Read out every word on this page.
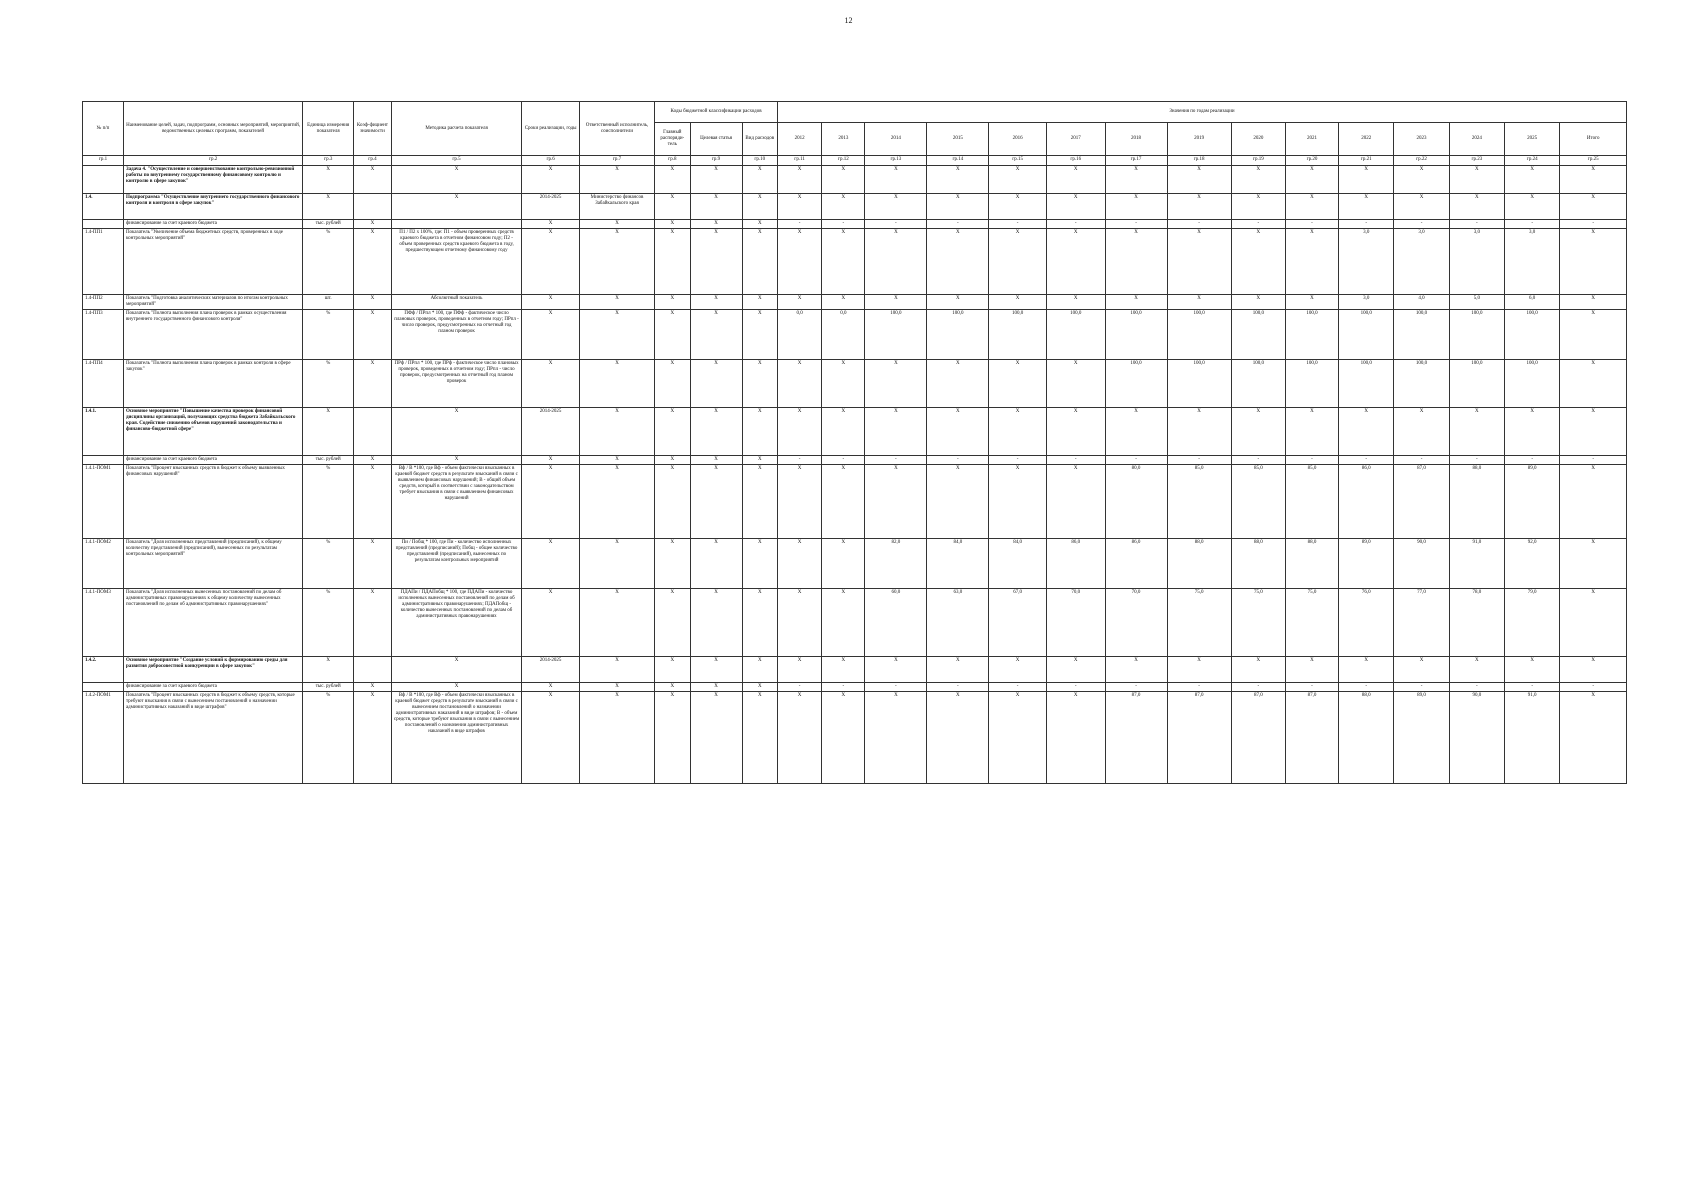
12
№ п/п	Наименование целей, задач, подпрограмм, основных мероприятий, мероприятий, ведомственных целевых программ, показателей	Единица измерения показателя	Коэф-фициент значимости	Методика расчета показателя	Сроки реализации, годы	Ответственный исполнитель, соисполнители	Коды бюджетной классификации расходов			Значения по годам реализации														
							Главный распоряди-тель	Целевая статья	Вид расходов	2012	2013	2014	2015	2016	2017	2018	2019	2020	2021	2022	2023	2024	2025	Итого
гр.1	гр.2	гр.3	гр.4	гр.5	гр.6	гр.7	гр.8	гр.9	гр.10	гр.11	гр.12	гр.13	гр.14	гр.15	гр.16	гр.17	гр.18	гр.19	гр.20	гр.21	гр.22	гр.23	гр.24	гр.25
	Задача 4. "Осуществление и совершенствование контрольно-ревизионной работы по внутреннему государственному финансовому контролю и контролю в сфере закупок"	X	X	X	X	X	X	X	X	X	X	X	X	X	X	X	X	X	X	X	X	X	X	X
1.4.	Подпрограмма "Осуществление внутреннего государственного финансового контроля и контроля в сфере закупок"	X		X	2014-2025	Министерство финансов Забайкальского края	X	X	X	X	X	X	X	X	X	X	X	X	X	X	X	X	X	X
	финансирование за счет краевого бюджета	тыс. рублей	X		X	X	X	X	X	-	-	-	-	-	-	-	-	-	-	-	-	-	-	-
1.4-ПП1	Показатель "Увеличение объема бюджетных средств, проверенных в ходе контрольных мероприятий"	%	X	П1 / П2 х 100%, где: П1 - объем проверенных средств краевого бюджета в отчетном финансовом году; П2 - объем проверенных средств краевого бюджета в году, предшествующем отчетному финансовому году	X	X	X	X	X	X	X	X	X	X	X	X	X	X	X	3,0	3,0	3,0	3,0	X
1.4-ПП2	Показатель "Подготовка аналитических материалов по итогам контрольных мероприятий"	шт.	X	Абсолютный показатель	X	X	X	X	X	X	X	X	X	X	X	X	X	X	X	3,0	4,0	5,0	6,0	X
1.4-ПП3	Показатель "Полнота выполнения плана проверок в рамках осуществления внутреннего государственного финансового контроля"	%	X	ПФф / ПРпл * 100, где ПФф - фактическое число плановых проверок, проведенных в отчетном году; ПРпл - число проверок, предусмотренных на отчетный год планом проверок	X	X	X	X	X	0,0	0,0	100,0	100,0	100,0	100,0	100,0	100,0	100,0	100,0	100,0	100,0	100,0	100,0	X
1.4-ПП4	Показатель "Полнота выполнения плана проверок в рамках контроля в сфере закупок"	%	X	ПРф / ПРпл * 100, где ПРф - фактическое число плановых проверок, проведенных в отчетном году; ПРпл - число проверок, предусмотренных на отчетный год планом проверок	X	X	X	X	X	X	X	X	X	X	X	100,0	100,0	100,0	100,0	100,0	100,0	100,0	100,0	X
1.4.1.	Основное мероприятие "Повышение качества проверок финансовой дисциплины организаций, получающих средства бюджета Забайкальского края. Содействие снижению объемов нарушений законодательства и финансово-бюджетной сфере"	X		X	2014-2025	X	X	X	X	X	X	X	X	X	X	X	X	X	X	X	X	X	X	X
	финансирование за счет краевого бюджета	тыс. рублей	X	X	X	X	X	X	X	-	-	-	-	-	-	-	-	-	-	-	-	-	-	-
1.4.1-ПОМ1	Показатель "Процент взысканных средств в бюджет к объему выявленных финансовых нарушений"	%	X	Вф / В *100, где Вф - объем фактически взысканных в краевой бюджет средств в результате взысканий в связи с выявлением финансовых нарушений; В - общий объем средств, который в соответствии с законодательством требует взыскания в связи с выявлением финансовых нарушений	X	X	X	X	X	X	X	X	X	X	X	80,0	85,0	85,0	85,0	86,0	87,0	88,0	89,0	X
1.4.1-ПОМ2	Показатель "Доля исполненных представлений (предписаний), к общему количеству представлений (предписаний), вынесенных по результатам контрольных мероприятий"	%	X	Пи / Побщ * 100, где Пи - количество исполненных представлений (предписаний); Побщ - общее количество представлений (предписаний), вынесенных по результатам контрольных мероприятий	X	X	X	X	X	X	X	82,0	84,0	84,0	86,0	86,0	88,0	88,0	88,0	89,0	90,0	91,0	92,0	X
1.4.1-ПОМ3	Показатель "Доля исполненных вынесенных постановлений по делам об административных правонарушениях к общему количеству вынесенных постановлений по делам об административных правонарушениях"	%	X	ПДАПи / ПДАПобщ * 100, где ПДАПи - количество исполненных вынесенных постановлений по делам об административных правонарушениях; ПДАПобщ - количество вынесенных постановлений по делам об административных правонарушениях	X	X	X	X	X	X	X	60,0	63,0	67,0	70,0	70,0	75,0	75,0	75,0	76,0	77,0	78,0	79,0	X
1.4.2.	Основное мероприятие "Создание условий к формированию среды для развития добросовестной конкуренции в сфере закупок"	X		X	2014-2025	X	X	X	X	X	X	X	X	X	X	X	X	X	X	X	X	X	X	X
	финансирование за счет краевого бюджета	тыс. рублей	X	X	X	X	X	X	X	-	-	-	-	-	-	-	-	-	-	-	-	-	-	-
1.4.2-ПОМ1	Показатель "Процент взысканных средств в бюджет к объему средств, которые требуют взыскания в связи с вынесением постановлений о назначении административных наказаний в виде штрафов"	%	X	Вф / В *100, где Вф - объем фактически взысканных в краевой бюджет средств в результате взысканий в связи с вынесением постановлений о назначении административных наказаний в виде штрафов; В - объем средств, которые требуют взыскания в связи с вынесением постановлений о назначении административных наказаний в виде штрафов	X	X	X	X	X	X	X	X	X	X	X	87,0	87,0	87,0	87,0	88,0	89,0	90,0	91,0	X
